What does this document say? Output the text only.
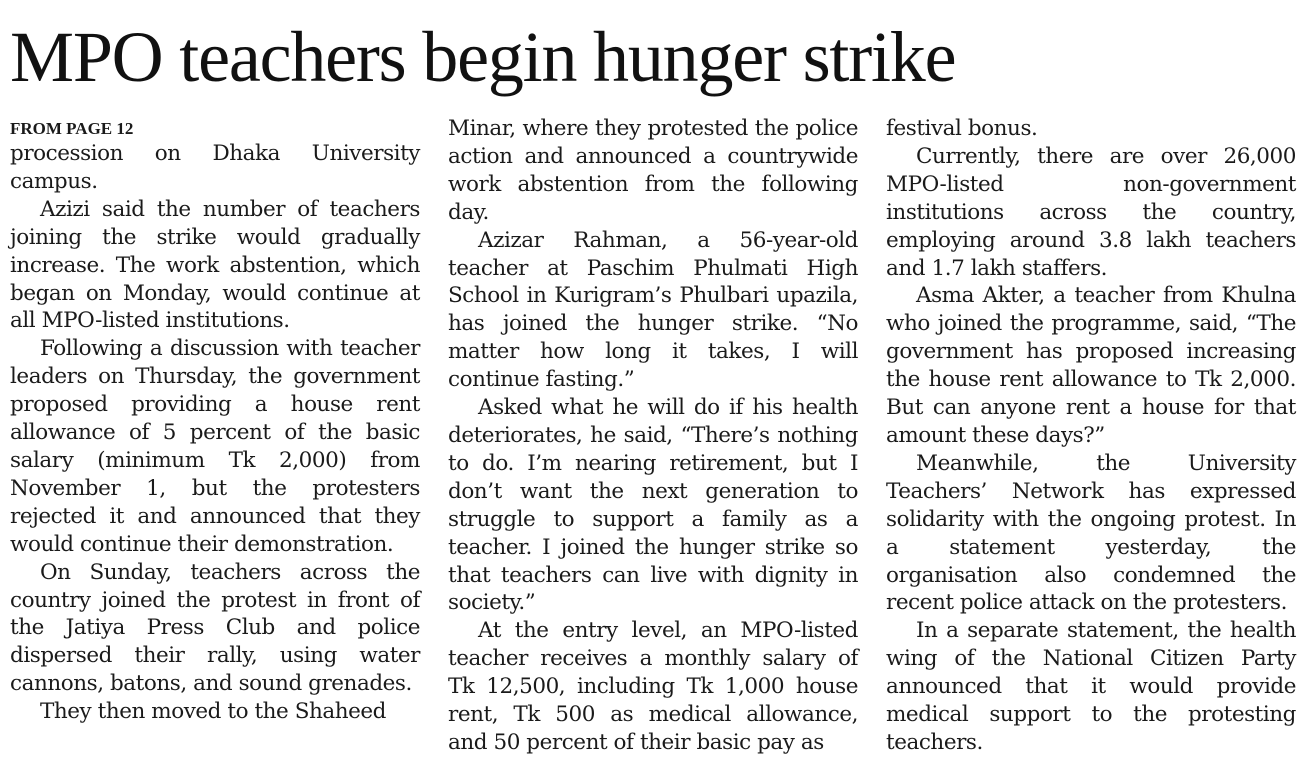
MPO teachers begin hunger strike
FROM PAGE 12

procession on Dhaka University campus.

Azizi said the number of teachers joining the strike would gradually increase. The work abstention, which began on Monday, would continue at all MPO-listed institutions.

Following a discussion with teacher leaders on Thursday, the government proposed providing a house rent allowance of 5 percent of the basic salary (minimum Tk 2,000) from November 1, but the protesters rejected it and announced that they would continue their demonstration.

On Sunday, teachers across the country joined the protest in front of the Jatiya Press Club and police dispersed their rally, using water cannons, batons, and sound grenades.

They then moved to the Shaheed

Minar, where they protested the police action and announced a countrywide work abstention from the following day.

Azizar Rahman, a 56-year-old teacher at Paschim Phulmati High School in Kurigram’s Phulbari upazila, has joined the hunger strike. “No matter how long it takes, I will continue fasting.”

Asked what he will do if his health deteriorates, he said, “There’s nothing to do. I’m nearing retirement, but I don’t want the next generation to struggle to support a family as a teacher. I joined the hunger strike so that teachers can live with dignity in society.”

At the entry level, an MPO-listed teacher receives a monthly salary of Tk 12,500, including Tk 1,000 house rent, Tk 500 as medical allowance, and 50 percent of their basic pay as

festival bonus.

Currently, there are over 26,000 MPO-listed non-government institutions across the country, employing around 3.8 lakh teachers and 1.7 lakh staffers.

Asma Akter, a teacher from Khulna who joined the programme, said, “The government has proposed increasing the house rent allowance to Tk 2,000. But can anyone rent a house for that amount these days?”

Meanwhile, the University Teachers’ Network has expressed solidarity with the ongoing protest. In a statement yesterday, the organisation also condemned the recent police attack on the protesters.

In a separate statement, the health wing of the National Citizen Party announced that it would provide medical support to the protesting teachers.
